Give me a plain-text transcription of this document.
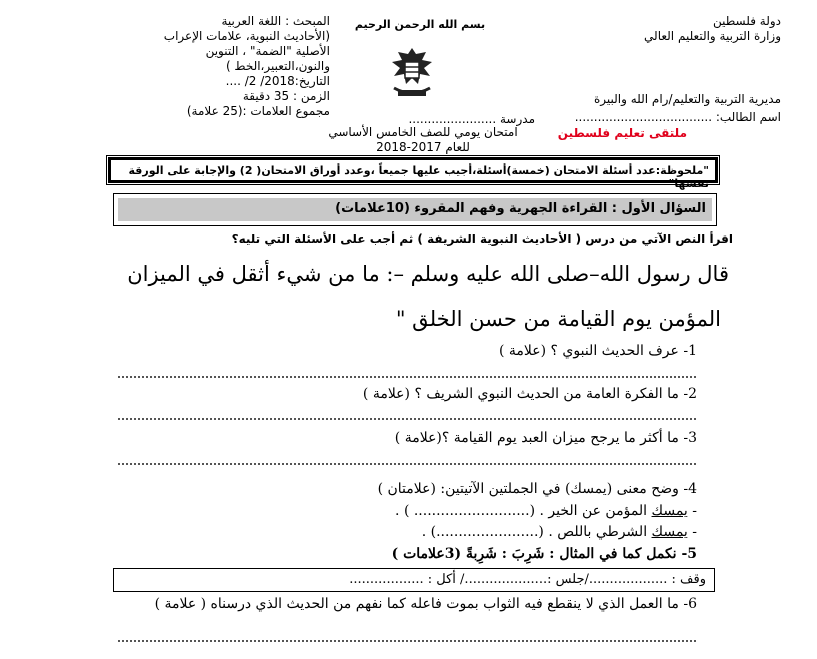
دولة فلسطين
وزارة التربية والتعليم العالي
مديرية التربية والتعليم/رام الله والبيرة
اسم الطالب: ....................................
ملتقى تعليم فلسطين
بسم الله الرحمن الرحيم
مدرسة .......................
امتحان يومي للصف الخامس الأساسي
للعام 2017-2018
المبحث : اللغة العربية
(الأحاديث النبوية، علامات الإعراب
الأصلية "الضمة" ، التنوين
والنون،التعبير،الخط )
التاريخ:2018/ 2/ ....
الزمن : 35 دقيقة
مجموع العلامات :(25 علامة)
"ملحوظة:عدد أسئلة الامتحان (خمسة)أسئلة،أجيب عليها جميعاً ،وعدد أوراق الامتحان( 2) والإجابة على الورقة نفسها"
السؤال الأول : القراءة الجهرية وفهم المقروء (10علامات)
اقرأ النص الآتي من درس ( الأحاديث النبوية الشريفة ) ثم أجب على الأسئلة التي تليه؟
قال رسول الله–صلى الله عليه وسلم –: ما من شيء أثقل في الميزان
المؤمن يوم القيامة من حسن الخلق "
1- عرف الحديث النبوي ؟ (علامة )
2- ما الفكرة العامة من الحديث النبوي الشريف ؟ (علامة )
3- ما أكثر ما يرجح ميزان العبد يوم القيامة ؟(علامة )
4- وضح معنى (يمسك) في الجملتين الآتيتين: (علامتان )
- يمسك المؤمن عن الخير . (.......................... ) .
- يمسك الشرطي باللص . (.......................) .
5- نكمل كما في المثال : شَرِبَ : شَرِبةً (3علامات )
وقف : .................../جلس :..................../ أكل : ..................
6- ما العمل الذي لا ينقطع فيه الثواب بموت فاعله كما نفهم من الحديث الذي درسناه ( علامة )
